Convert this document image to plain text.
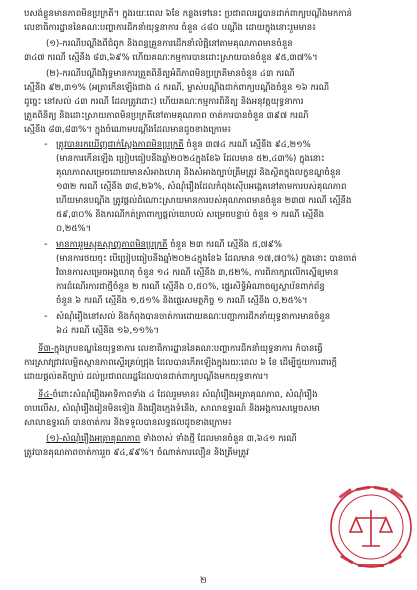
បសង់ខ្លួនមានភាពមិនប្រក្រតី។ ក្នុងរយៈពេល ៦ខែ កន្លងទៅនេះ ប្រជាពលរដ្ឋបានដាក់ពាក្យបណ្ដឹងមកកាន់
លេខាធិការដ្ឋាននៃគណៈបញ្ហាការដឹកនាំយុទ្ធនាការ ចំនួន ៤៨០ បណ្ដឹង ដោយក្នុងនោះរួមមាន៖
(១)-ករណីបណ្ដឹងពីជំពូក និងពន្ធគ្រួនការដើកនាំលំផ្អិនៅតាមគុណភាពមានចំនួន
៣៤៧ ករណី ស្មើនឹង ៨៣,៦៩% ហើយគណៈកម្មការបានដោះស្រាយបានចំនួន ៩៥,៣៧%។
(២)-ករណីបណ្ដឹងវិរុទ្ធមានការត្រួតពិនិត្យអំពីភាពមិនប្រក្រតីមានចំនួន ៤៣ ករណី
ស្មើនឹង ៩២,៣១% (អត្រាកើនឡើងជាង ៤ ករណី, ម្ចាស់បណ្ដឹងដាក់ពាក្យបណ្ដឹងចំនួន ១៦ ករណី
ដូច្នេះ នៅសល់ ៤៣ ករណី ដែលត្រូវដោះ) ហើយគណៈកម្មការពិនិត្យ និងអនុវត្តយុទ្ធនាការ
ត្រួតពិនិត្យ និងដោះស្រាយភាពមិនប្រក្រតីនៅតាមគុណភាព ចាត់ការបានចំនួន ៣៩៧ ករណី
ស្មើនឹង ៨៣,៨៣%។ ក្នុងចំណោមបណ្ដឹងដែលមានដូចខាងក្រោម៖
- ត្រូវបានរកឃើញជាក់ស្ដែងភាពមិនប្រក្រតី ចំនួន ៣៧៤ ករណី ស្មើនឹង ៩៤,២១%
(មានការកើនឡើង ប្រៀបធៀបនឹងឆ្នាំ២០២៤ក្នុងខែ៦ ដែលមាន ៥២,៤៣%) ក្នុងនោះ
គុណភាពសម្រេចដោយមានសំអាងហេតុ និងសំអាងច្បាប់ត្រឹមត្រូវ និងស្ថិតក្នុងលក្ខខណ្ឌចំនួន
១៣២ ករណី ស្មើនឹង ៣៨,២៦%, សំណុំរឿងដែលកំពុងស៊ើបអង្កេតនៅតាមការបស់គុណភាព
ហើយមានបណ្ដឹង ត្រូវផ្ដល់ដំណោះស្រាយមានការបស់គុណភាពមានចំនួន ២៣៧ ករណី ស្មើនឹង
៥៩,៣០% និងករណីកត់ត្រាពាក្យផ្ដល់យោបល់ សម្រេចបន្ទាប់ ចំនួន ១ ករណី ស្មើនឹង
០,២៥%។
- មានការរួមស្មុគស្មាញភាពមិនប្រក្រតី ចំនួន ២៣ ករណី ស្មើនឹង ៥,៧៩%
(មានការថយចុះ បើប្រៀបធៀបនឹងឆ្នាំ២០២៤ក្នុងខែ៦ ដែលមាន ១៧,៧០%) ក្នុងនោះ បានចាត់
វិធានការសម្រេចអង្គហេតុ ចំនួន ១៤ ករណី ស្មើនឹង ៣,៥២%, ការពិភាក្សាលើកស្នើឲ្យមាន
ការដំណើរការជាថ្មីចំនួន ២ ករណី ស្មើនឹង ០,៥០%, ផ្ទេរសិទ្ធិអំណាចឲ្យស្ថាប័នពាក់ព័ន្ធ
ចំនួន ៦ ករណី ស្មើនឹង ១,៥១% និងផ្ទេរសមត្ថកិច្ច ១ ករណី ស្មើនឹង ០,២៥%។
- សំណុំរឿងនៅសល់ និងកំពុងបានចាត់ការដោយគណៈបញ្ហាការដឹកនាំយុទ្ធនាការមានចំនួន
៦៤ ករណី ស្មើនឹង ១៦,១១%។
ទី៣-ក្នុងក្របខណ្ឌនៃយុទ្ធនាការ លេខាធិការដ្ឋាននៃគណៈបញ្ហាការដឹកនាំយុទ្ធនាការ ក៏បានធ្វើ
ការស្រាវជ្រាវលម្អិតស្ថានភាពស្ទើរគ្រប់ជ្រុង ដែលបានកើតឡើងក្នុងរយៈពេល ៦ ខែ ដើម្បីជួយការពារក្ដី
ដោយផ្ដល់គតិច្បាប់ ដល់ប្រជាពលរដ្ឋដែលបានដាក់ពាក្យបណ្ដឹងមកយុទ្ធនាការ។
ទី៤-ចំពោះសំណុំរឿងអាទិភាពទាំង ៤ ដែលរួមមាន៖ សំណុំរឿងអត្រាគុណភាព, សំណុំរឿង
ចាបលើស, សំណុំរឿងរៀនមិនទៀង និងរឿងក្មេងទំនើង, សាលាឧទ្ធរណ៍ និងអង្គការសម្ដេចសមា
សាលាឧទ្ធរណ៍ បានចាត់ការ និងទទួលបានលទ្ធផលដូចខាងក្រោម៖
(១)-សំណុំរឿងអត្រាគុណភាព ទាំងចាស់ ទាំងថ្មី ដែលមានចំនួន ៣,៦៤១ ករណី
ត្រូវបានគុណភាពចាត់ការរួច ៩៤,៩៩%។ ចំណាត់ការលឿន និងត្រឹមត្រូវ
២
